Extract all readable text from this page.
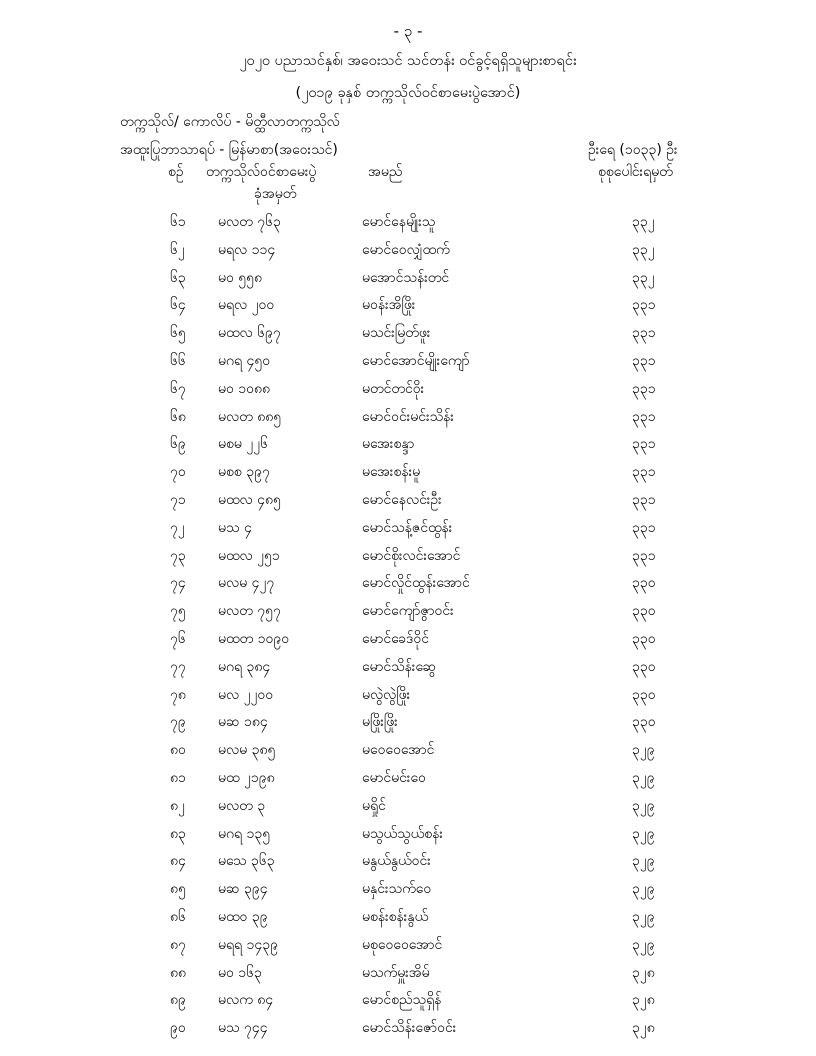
- ၃ -
၂၀၂၀ ပညာသင်နှစ်၊ အဝေးသင် သင်တန်း ဝင်ခွင့်ရရှိသူများစာရင်း
(၂၀၁၉ ခုနှစ် တက္ကသိုလ်ဝင်စာမေးပွဲအောင်)
တက္ကသိုလ်/ ကောလိပ် - မိတ္ထီလာတက္ကသိုလ်
အထူးပြုဘာသာရပ် - မြန်မာစာ(အဝေးသင်)	ဦးရေ (၁၀၃၃) ဦး
စဉ် တက္ကသိုလ်ဝင်စာမေးပွဲ
ခုံအမှတ်
အမည်	စုစုပေါင်းရမှတ်
၆၁ မလတ ၇၆၃	မောင်နေမျိုးသူ	၃၃၂
၆၂ မရလ ၁၁၄	မောင်ဝေလျှံထက်	၃၃၂
၆၃ မဝ ၅၅၈	မအောင်သန်းတင်	၃၃၂
၆၄ မရလ ၂၀၀	မဝန်းအိဖြိုး	၃၃၁
၆၅ မထလ ၆၉၇	မသင်းမြတ်ဖူး	၃၃၁
၆၆ မဂရ ၄၅၀	မောင်အောင်မျိုးကျော်	၃၃၁
၆၇ မဝ ၁၀၈၈	မတင်တင်ဝိုး	၃၃၁
၆၈ မလတ ၈၈၅	မောင်ဝင်းမင်းသိန်း	၃၃၁
၆၉ မစမ ၂၂၆	မအေးစန္ဒာ	၃၃၁
၇၀ မစစ ၃၉၇	မအေးစန်းမူ	၃၃၁
၇၁ မထလ ၄၈၅	မောင်နေလင်းဦး	၃၃၁
၇၂ မသ ၄	မောင်သန့်ဇင်ထွန်း	၃၃၁
၇၃ မထလ ၂၅၁	မောင်စိုးလင်းအောင်	၃၃၁
၇၄ မလမ ၄၂၇	မောင်လှိုင်ထွန်းအောင်	၃၃၀
၇၅ မလတ ၇၅၇	မောင်ကျော်ဇွာဝင်း	၃၃၀
၇၆ မထတ ၁၀၉၀	မောင်ခေဒ်ဝိုင်	၃၃၀
၇၇ မဂရ ၃၈၄	မောင်သိန်းဆွေ	၃၃၀
၇၈ မလ ၂၂၀၀	မလွဲလွဲဖြိုး	၃၃၀
၇၉ မဆ ၁၈၄	မဖြိုးဖြိုး	၃၃၀
၈၀ မလမ ၃၈၅	မဝေဝေအောင်	၃၂၉
၈၁ မထ ၂၁၉၈	မောင်မင်းဝေ	၃၂၉
၈၂ မလတ ၃	မရှိုင်	၃၂၉
၈၃ မဂရ ၁၃၅	မသွယ်သွယ်စန်း	၃၂၉
၈၄ မသေ ၃၆၃	မနွယ်နွယ်ဝင်း	၃၂၉
၈၅ မဆ ၃၉၄	မနှင်းသက်ဝေ	၃၂၉
၈၆ မထဝ ၃၉	မစန်းစန်းနွယ်	၃၂၉
၈၇ မရရ ၁၄၃၉	မစုဝေဝေအောင်	၃၂၉
၈၈ မဝ ၁၆၃	မသက်မှူးအိမ်	၃၂၈
၈၉ မလက ၈၄	မောင်စည်သူရှိန်	၃၂၈
၉၀ မသ ၇၄၄	မောင်သိန်းဇော်ဝင်း	၃၂၈
